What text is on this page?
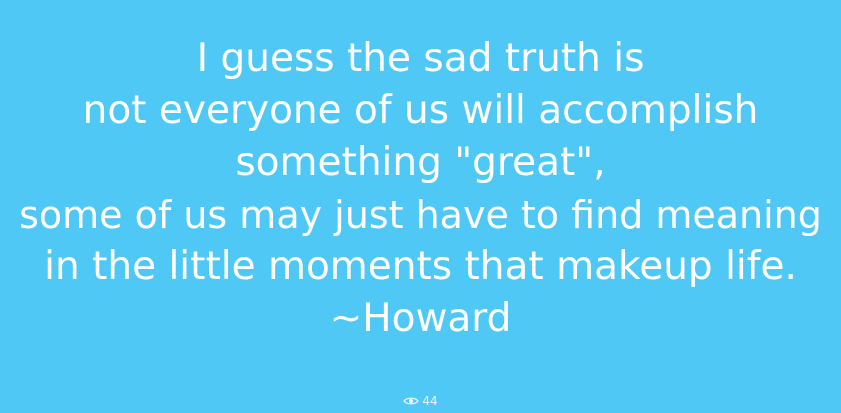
I guess the sad truth is
not everyone of us will accomplish
something "great",
some of us may just have to find meaning
in the little moments that makeup life.
~Howard
44
